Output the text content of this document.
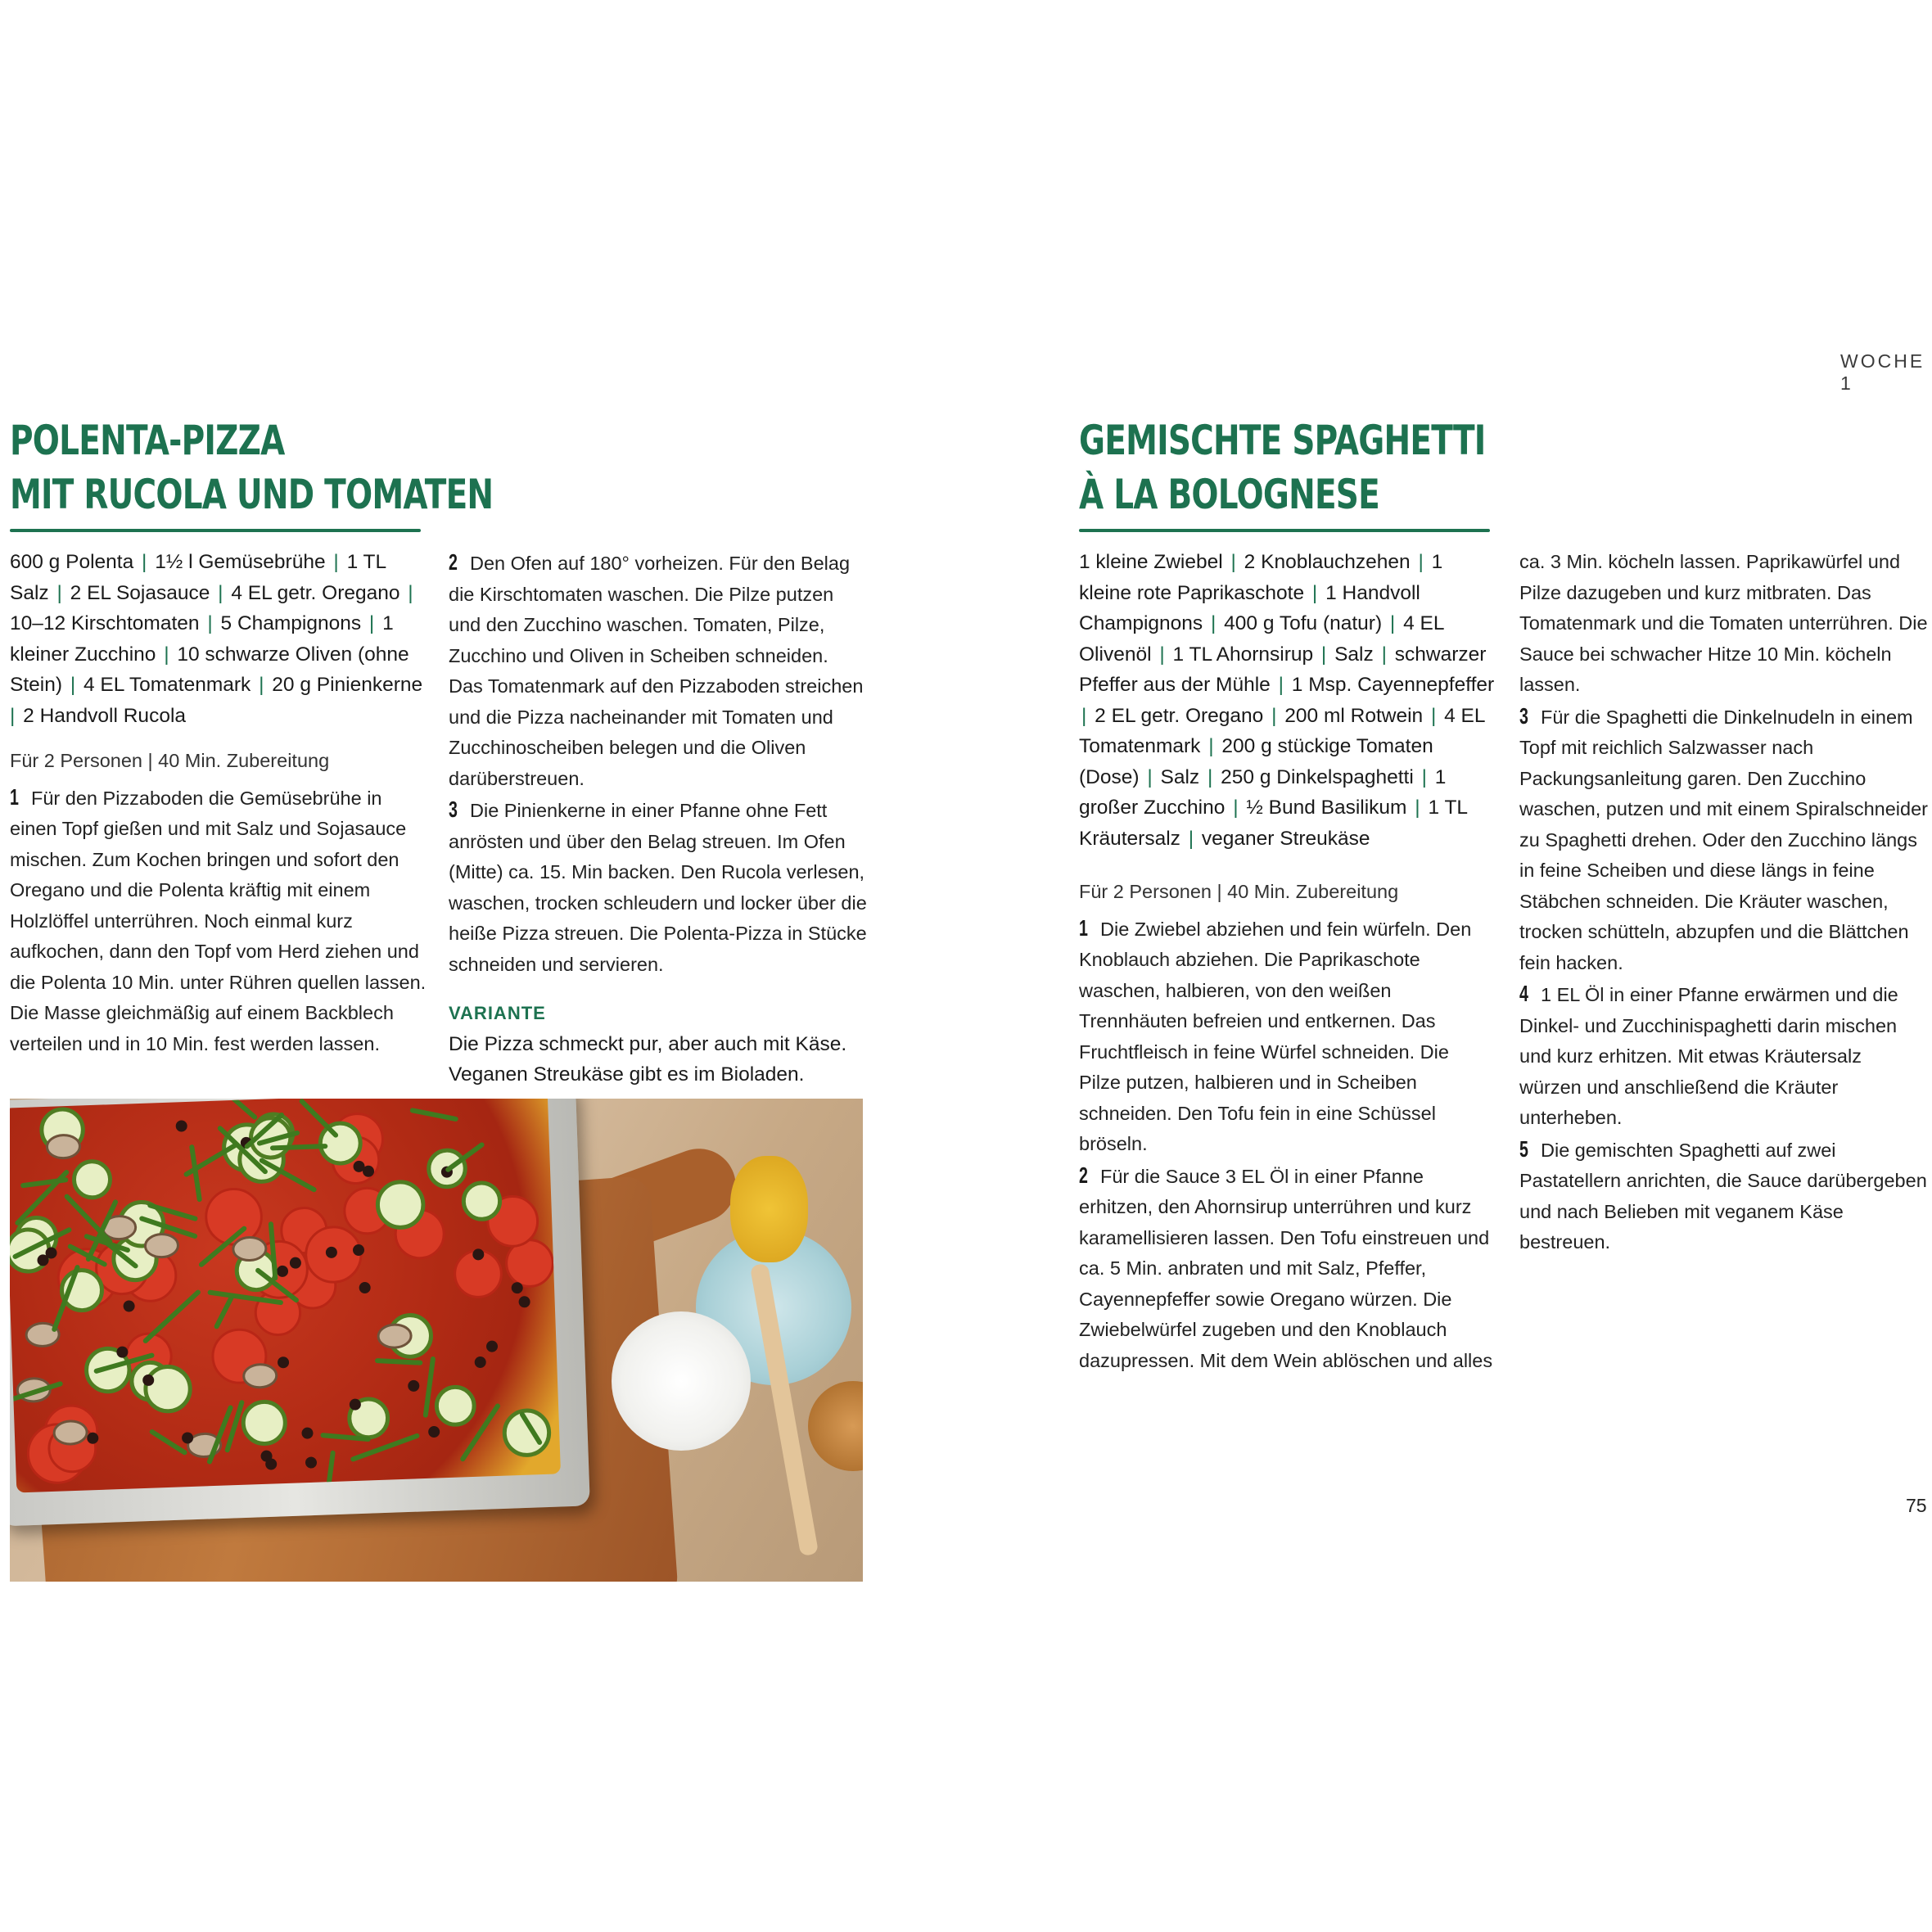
WOCHE 1
75

POLENTA-PIZZA

MIT RUCOLA UND TOMATEN

600 g Polenta | 1½ l Gemüsebrühe | 1 TL Salz | 2 EL Sojasauce | 4 EL getr. Oregano | 10–12 Kirschtomaten | 5 Champignons | 1 kleiner Zucchino | 10 schwarze Oliven (ohne Stein) | 4 EL Tomatenmark | 20 g Pinienkerne | 2 Handvoll Rucola

Für 2 Personen | 40 Min. Zubereitung

1 Für den Pizzaboden die Gemüsebrühe in einen Topf gießen und mit Salz und Sojasauce mischen. Zum Kochen bringen und sofort den Oregano und die Polenta kräftig mit einem Holzlöffel unterrühren. Noch einmal kurz aufkochen, dann den Topf vom Herd ziehen und die Polenta 10 Min. unter Rühren quellen lassen. Die Masse gleichmäßig auf einem Backblech verteilen und in 10 Min. fest werden lassen.

2 Den Ofen auf 180° vorheizen. Für den Belag die Kirschtomaten waschen. Die Pilze putzen und den Zucchino waschen. Tomaten, Pilze, Zucchino und Oliven in Scheiben schneiden. Das Tomatenmark auf den Pizzaboden streichen und die Pizza nacheinander mit Tomaten und Zucchinoscheiben belegen und die Oliven darüberstreuen.

3 Die Pinienkerne in einer Pfanne ohne Fett anrösten und über den Belag streuen. Im Ofen (Mitte) ca. 15. Min backen. Den Rucola verlesen, waschen, trocken schleudern und locker über die heiße Pizza streuen. Die Polenta-Pizza in Stücke schneiden und servieren.

VARIANTE

Die Pizza schmeckt pur, aber auch mit Käse. Veganen Streukäse gibt es im Bioladen.

GEMISCHTE SPAGHETTI

À LA BOLOGNESE

1 kleine Zwiebel | 2 Knoblauchzehen | 1 kleine rote Paprikaschote | 1 Handvoll Champignons | 400 g Tofu (natur) | 4 EL Olivenöl | 1 TL Ahornsirup | Salz | schwarzer Pfeffer aus der Mühle | 1 Msp. Cayennepfeffer | 2 EL getr. Oregano | 200 ml Rotwein | 4 EL Tomatenmark | 200 g stückige Tomaten (Dose) | Salz | 250 g Dinkelspaghetti | 1 großer Zucchino | ½ Bund Basilikum | 1 TL Kräutersalz | veganer Streukäse

Für 2 Personen | 40 Min. Zubereitung

1 Die Zwiebel abziehen und fein würfeln. Den Knoblauch abziehen. Die Paprikaschote waschen, halbieren, von den weißen Trennhäuten befreien und entkernen. Das Fruchtfleisch in feine Würfel schneiden. Die Pilze putzen, halbieren und in Scheiben schneiden. Den Tofu fein in eine Schüssel bröseln.

2 Für die Sauce 3 EL Öl in einer Pfanne erhitzen, den Ahornsirup unterrühren und kurz karamellisieren lassen. Den Tofu einstreuen und ca. 5 Min. anbraten und mit Salz, Pfeffer, Cayennepfeffer sowie Oregano würzen. Die Zwiebelwürfel zugeben und den Knoblauch dazupressen. Mit dem Wein ablöschen und alles

ca. 3 Min. köcheln lassen. Paprikawürfel und Pilze dazugeben und kurz mitbraten. Das Tomatenmark und die Tomaten unterrühren. Die Sauce bei schwacher Hitze 10 Min. köcheln lassen.

3 Für die Spaghetti die Dinkelnudeln in einem Topf mit reichlich Salzwasser nach Packungsanleitung garen. Den Zucchino waschen, putzen und mit einem Spiralschneider zu Spaghetti drehen. Oder den Zucchino längs in feine Scheiben und diese längs in feine Stäbchen schneiden. Die Kräuter waschen, trocken schütteln, abzupfen und die Blättchen fein hacken.

4 1 EL Öl in einer Pfanne erwärmen und die Dinkel- und Zucchinispaghetti darin mischen und kurz erhitzen. Mit etwas Kräutersalz würzen und anschließend die Kräuter unterheben.

5 Die gemischten Spaghetti auf zwei Pastatellern anrichten, die Sauce darübergeben und nach Belieben mit veganem Käse bestreuen.
